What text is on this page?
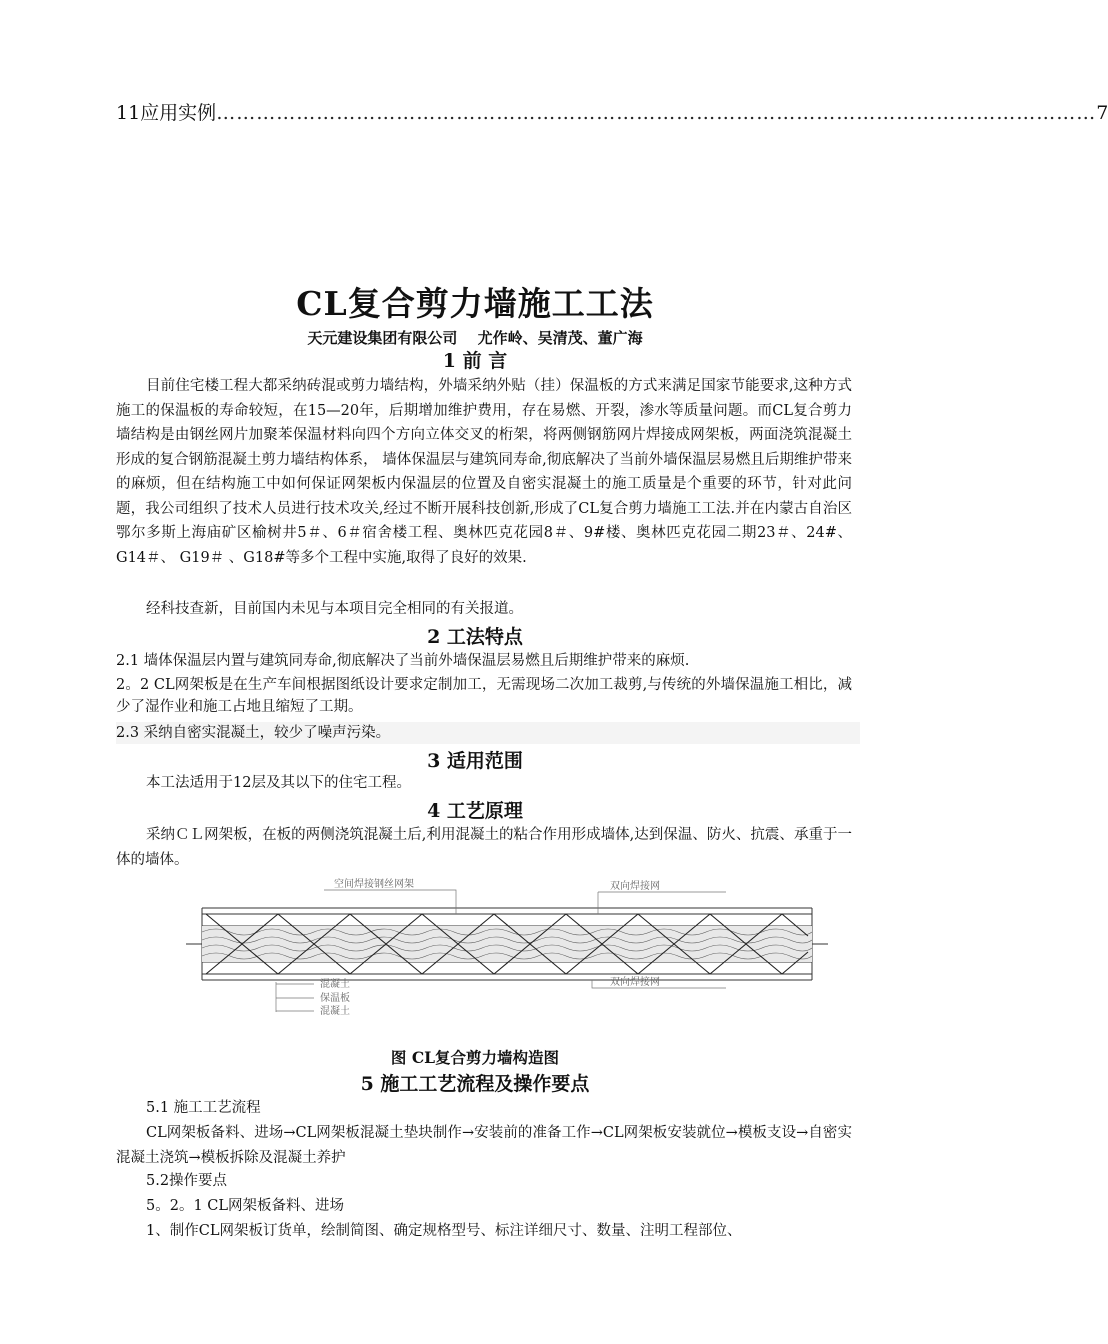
11应用实例 …………………………………………………………………………………………………………………… 7
CL复合剪力墙施工工法
天元建设集团有限公司　 尤作岭、吴清茂、董广海
1 前 言
目前住宅楼工程大都采纳砖混或剪力墙结构，外墙采纳外贴（挂）保温板的方式来满足国家节能要求,这种方式施工的保温板的寿命较短，在15—20年，后期增加维护费用，存在易燃、开裂，渗水等质量问题。而CL复合剪力墙结构是由钢丝网片加聚苯保温材料向四个方向立体交叉的桁架，将两侧钢筋网片焊接成网架板，两面浇筑混凝土形成的复合钢筋混凝土剪力墙结构体系， 墙体保温层与建筑同寿命,彻底解决了当前外墙保温层易燃且后期维护带来的麻烦，但在结构施工中如何保证网架板内保温层的位置及自密实混凝土的施工质量是个重要的环节，针对此问题，我公司组织了技术人员进行技术攻关,经过不断开展科技创新,形成了CL复合剪力墙施工工法.并在内蒙古自治区鄂尔多斯上海庙矿区榆树井5＃、6＃宿舍楼工程、奥林匹克花园8＃、9#楼、奥林匹克花园二期23＃、24#、G14＃、 G19＃ 、G18#等多个工程中实施,取得了良好的效果.
经科技查新，目前国内未见与本项目完全相同的有关报道。
2 工法特点
2.1 墙体保温层内置与建筑同寿命,彻底解决了当前外墙保温层易燃且后期维护带来的麻烦.
2。2 CL网架板是在生产车间根据图纸设计要求定制加工，无需现场二次加工裁剪,与传统的外墙保温施工相比，减少了湿作业和施工占地且缩短了工期。
2.3 采纳自密实混凝土，较少了噪声污染。
3 适用范围
本工法适用于12层及其以下的住宅工程。
4 工艺原理
采纳ＣＬ网架板，在板的两侧浇筑混凝土后,利用混凝土的粘合作用形成墙体,达到保温、防火、抗震、承重于一体的墙体。
空间焊接钢丝网架	双向焊接网
混凝土
保温板
混凝土
双向焊接网
图 CL复合剪力墙构造图
5 施工工艺流程及操作要点
5.1 施工工艺流程
CL网架板备料、进场→CL网架板混凝土垫块制作→安装前的准备工作→CL网架板安装就位→模板支设→自密实混凝土浇筑→模板拆除及混凝土养护
5.2操作要点
5。2。1 CL网架板备料、进场
1、制作CL网架板订货单，绘制简图、确定规格型号、标注详细尺寸、数量、注明工程部位、
